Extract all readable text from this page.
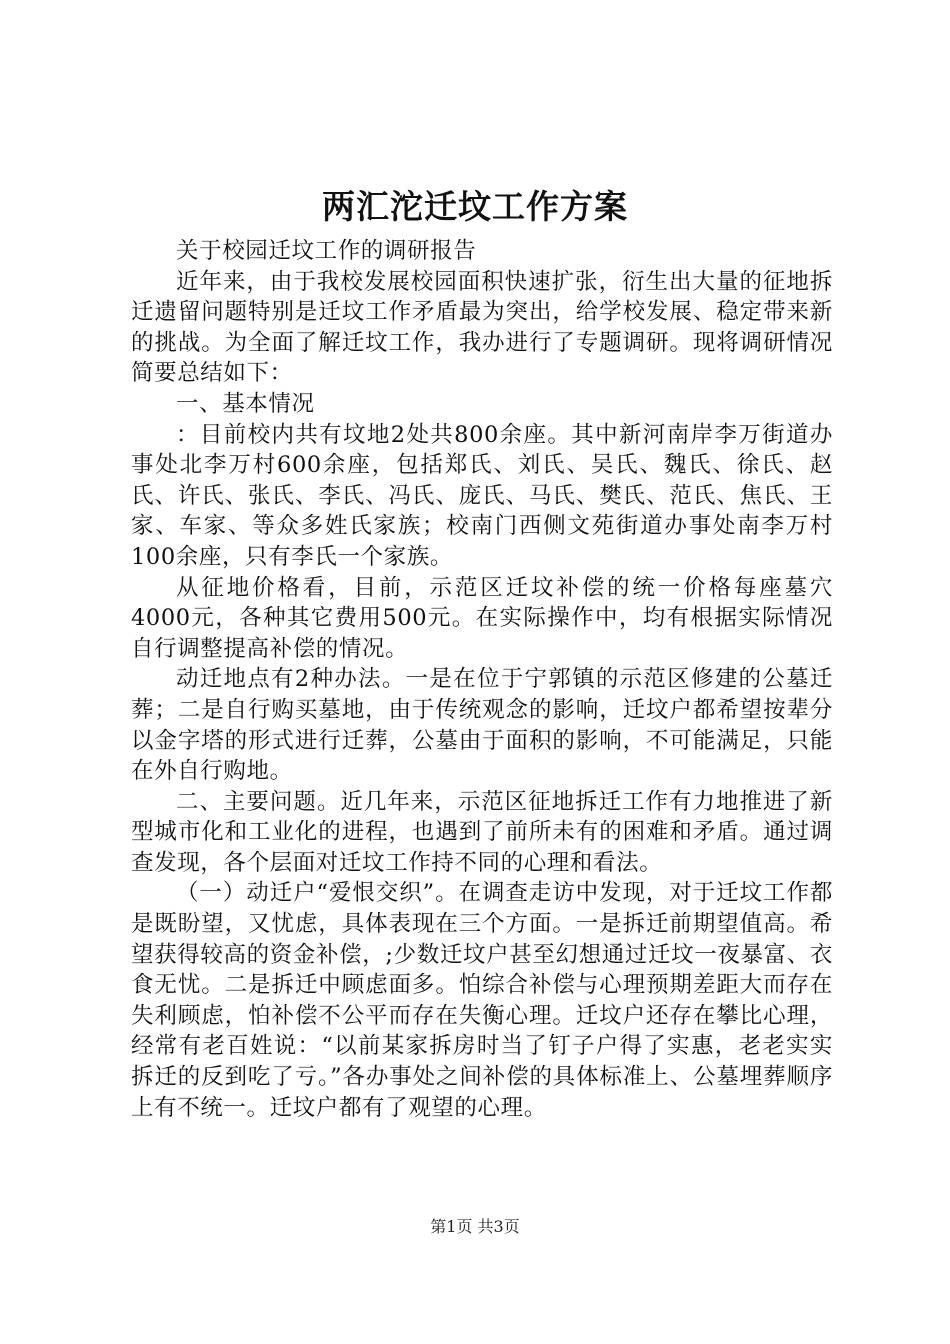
两汇沱迁坟工作方案

关于校园迁坟工作的调研报告

近年来，由于我校发展校园面积快速扩张，衍生出大量的征地拆迁遗留问题特别是迁坟工作矛盾最为突出，给学校发展、稳定带来新的挑战。为全面了解迁坟工作，我办进行了专题调研。现将调研情况简要总结如下：

一、基本情况

：目前校内共有坟地2处共800余座。其中新河南岸李万街道办事处北李万村600余座，包括郑氏、刘氏、吴氏、魏氏、徐氏、赵氏、许氏、张氏、李氏、冯氏、庞氏、马氏、樊氏、范氏、焦氏、王家、车家、等众多姓氏家族；校南门西侧文苑街道办事处南李万村100余座，只有李氏一个家族。

从征地价格看，目前，示范区迁坟补偿的统一价格每座墓穴4000元，各种其它费用500元。在实际操作中，均有根据实际情况自行调整提高补偿的情况。

动迁地点有2种办法。一是在位于宁郭镇的示范区修建的公墓迁葬；二是自行购买墓地，由于传统观念的影响，迁坟户都希望按辈分以金字塔的形式进行迁葬，公墓由于面积的影响，不可能满足，只能在外自行购地。

二、主要问题。近几年来，示范区征地拆迁工作有力地推进了新型城市化和工业化的进程，也遇到了前所未有的困难和矛盾。通过调查发现，各个层面对迁坟工作持不同的心理和看法。

（一）动迁户“爱恨交织”。在调查走访中发现，对于迁坟工作都是既盼望，又忧虑，具体表现在三个方面。一是拆迁前期望值高。希望获得较高的资金补偿，;少数迁坟户甚至幻想通过迁坟一夜暴富、衣食无忧。二是拆迁中顾虑面多。怕综合补偿与心理预期差距大而存在失利顾虑，怕补偿不公平而存在失衡心理。迁坟户还存在攀比心理，经常有老百姓说：“以前某家拆房时当了钉子户得了实惠，老老实实拆迁的反到吃了亏。”各办事处之间补偿的具体标准上、公墓埋葬顺序上有不统一。迁坟户都有了观望的心理。

第1页 共3页
